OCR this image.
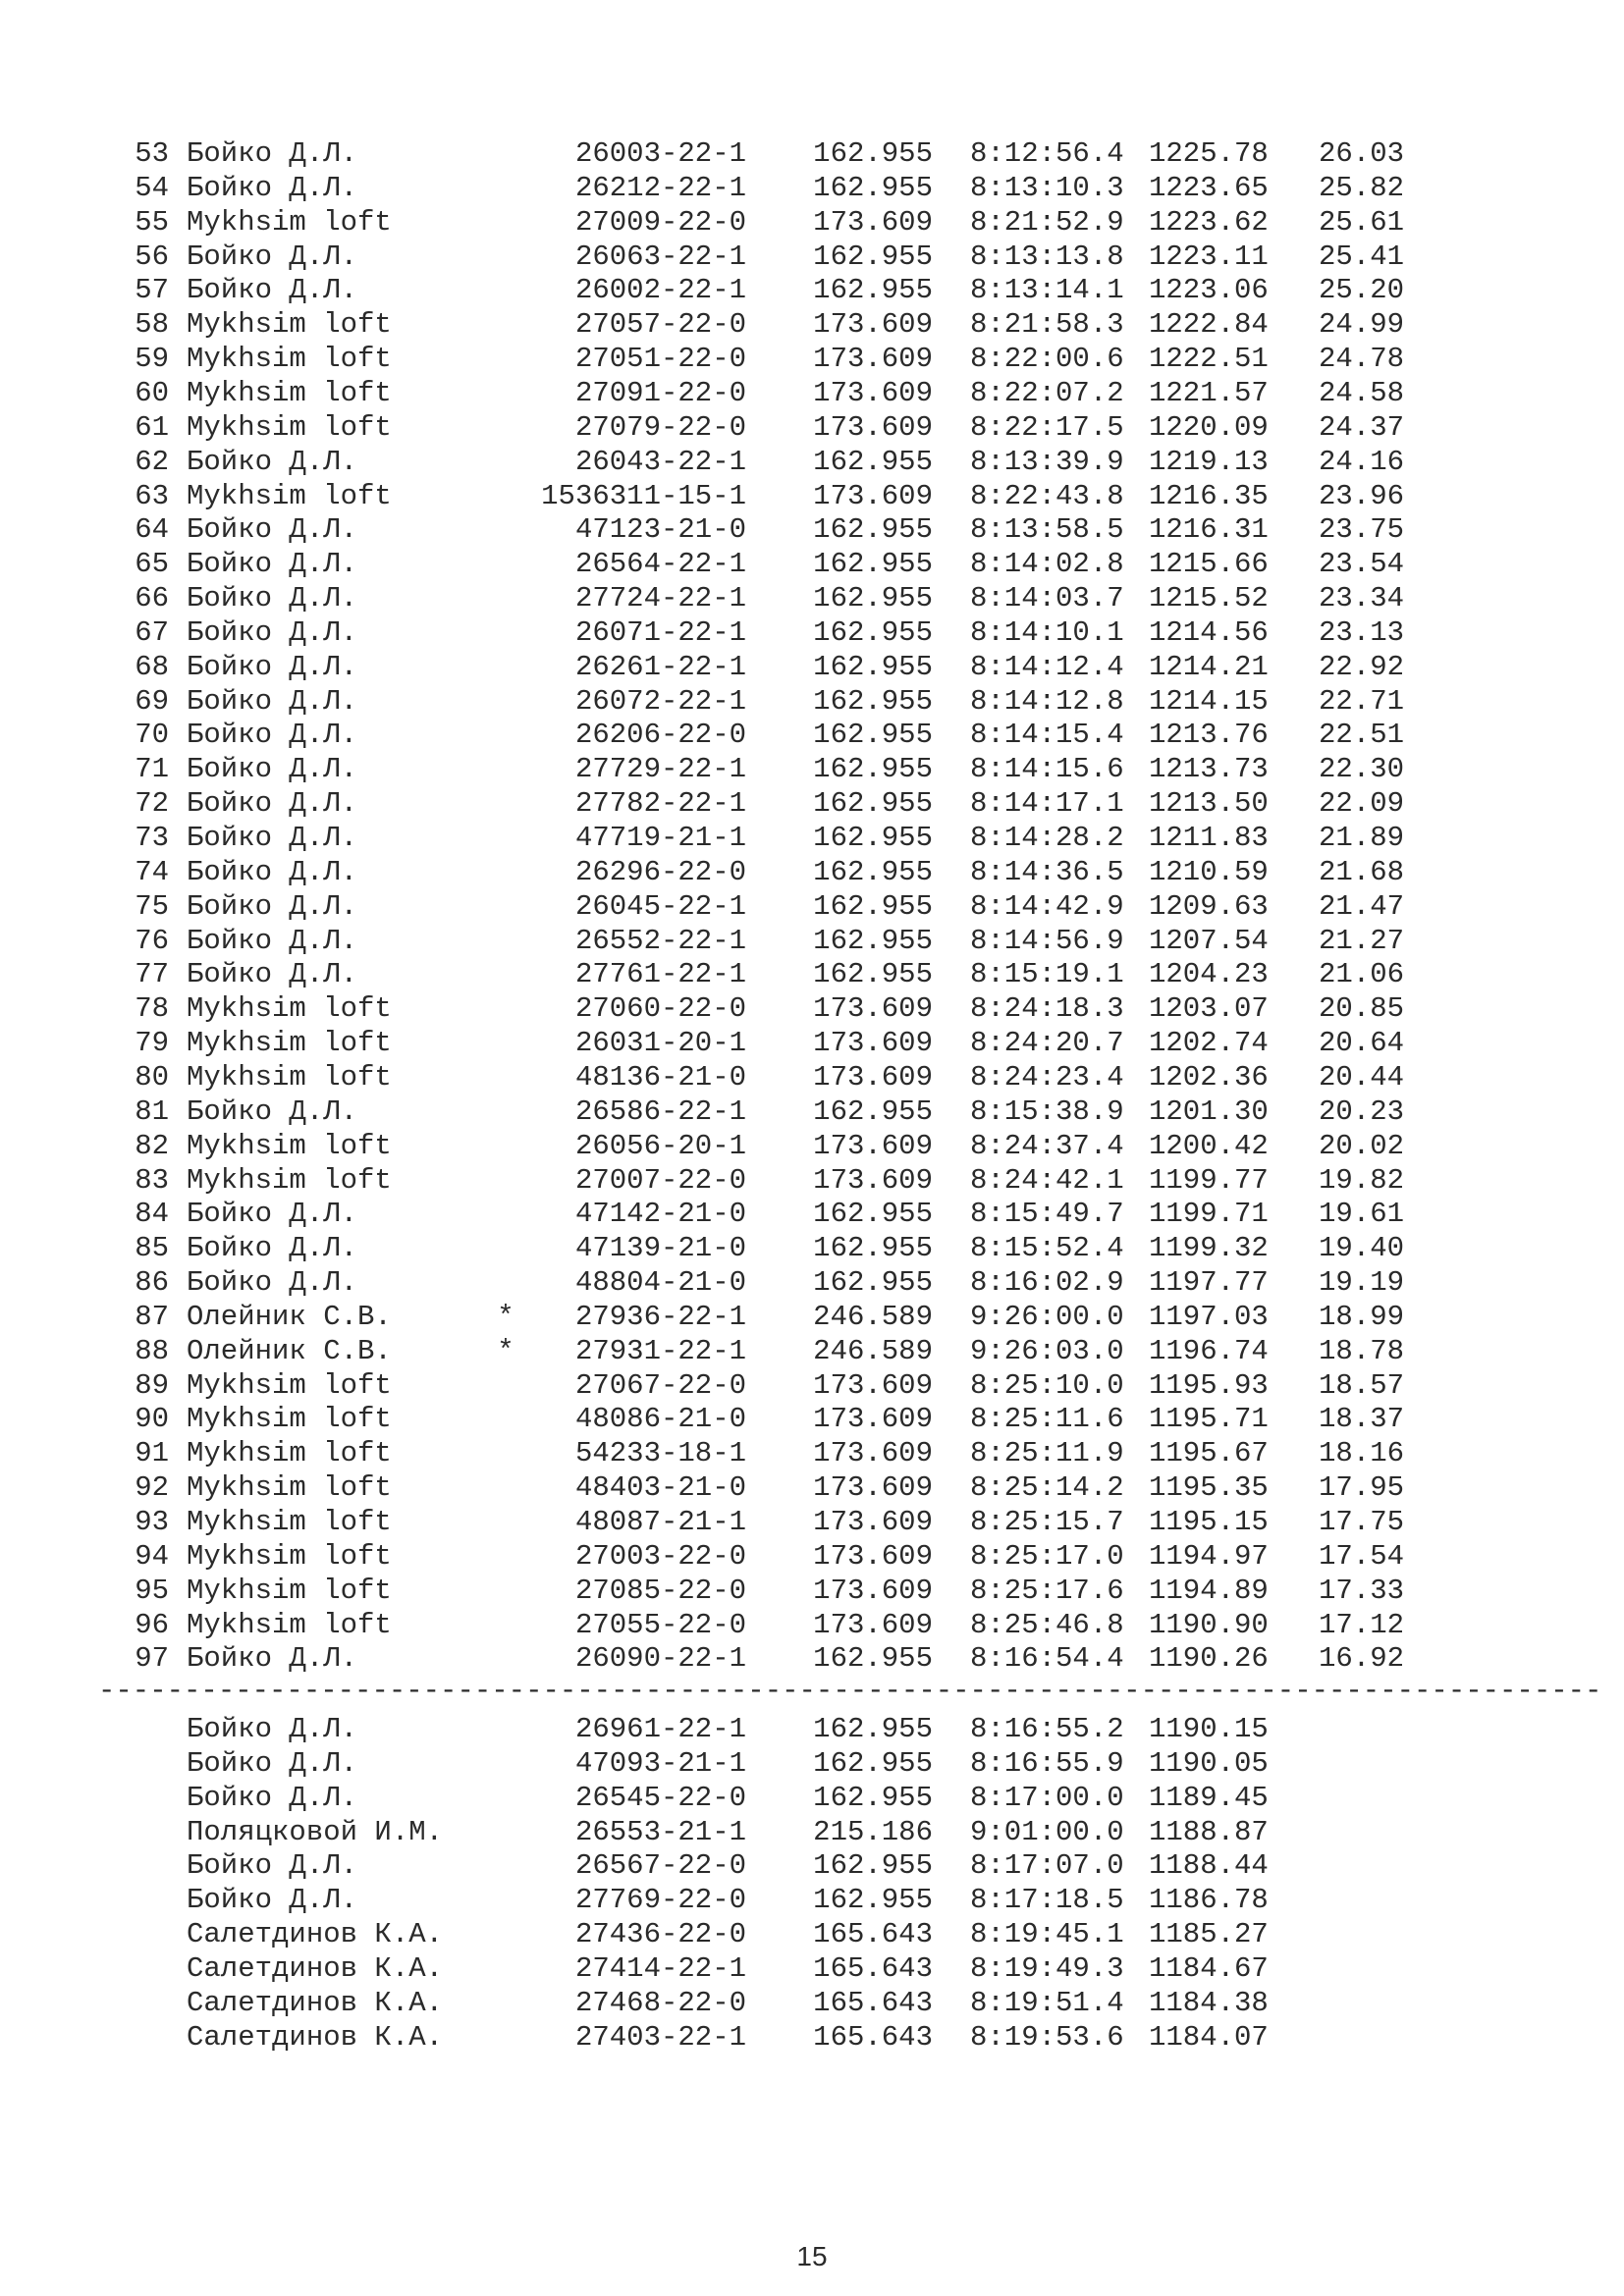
53 Бойко Д.Л.	26003-22-1	162.955 8:12:56.4 1225.78	26.03
54 Бойко Д.Л.	26212-22-1	162.955 8:13:10.3 1223.65	25.82
55 Mykhsim loft	27009-22-0	173.609 8:21:52.9 1223.62	25.61
56 Бойко Д.Л.	26063-22-1	162.955 8:13:13.8 1223.11	25.41
57 Бойко Д.Л.	26002-22-1	162.955 8:13:14.1 1223.06	25.20
58 Mykhsim loft	27057-22-0	173.609 8:21:58.3 1222.84	24.99
59 Mykhsim loft	27051-22-0	173.609 8:22:00.6 1222.51	24.78
60 Mykhsim loft	27091-22-0	173.609 8:22:07.2 1221.57	24.58
61 Mykhsim loft	27079-22-0	173.609 8:22:17.5 1220.09	24.37
62 Бойко Д.Л.	26043-22-1	162.955 8:13:39.9 1219.13	24.16
63 Mykhsim loft	1536311-15-1	173.609 8:22:43.8 1216.35	23.96
64 Бойко Д.Л.	47123-21-0	162.955 8:13:58.5 1216.31	23.75
65 Бойко Д.Л.	26564-22-1	162.955 8:14:02.8 1215.66	23.54
66 Бойко Д.Л.	27724-22-1	162.955 8:14:03.7 1215.52	23.34
67 Бойко Д.Л.	26071-22-1	162.955 8:14:10.1 1214.56	23.13
68 Бойко Д.Л.	26261-22-1	162.955 8:14:12.4 1214.21	22.92
69 Бойко Д.Л.	26072-22-1	162.955 8:14:12.8 1214.15	22.71
70 Бойко Д.Л.	26206-22-0	162.955 8:14:15.4 1213.76	22.51
71 Бойко Д.Л.	27729-22-1	162.955 8:14:15.6 1213.73	22.30
72 Бойко Д.Л.	27782-22-1	162.955 8:14:17.1 1213.50	22.09
73 Бойко Д.Л.	47719-21-1	162.955 8:14:28.2 1211.83	21.89
74 Бойко Д.Л.	26296-22-0	162.955 8:14:36.5 1210.59	21.68
75 Бойко Д.Л.	26045-22-1	162.955 8:14:42.9 1209.63	21.47
76 Бойко Д.Л.	26552-22-1	162.955 8:14:56.9 1207.54	21.27
77 Бойко Д.Л.	27761-22-1	162.955 8:15:19.1 1204.23	21.06
78 Mykhsim loft	27060-22-0	173.609 8:24:18.3 1203.07	20.85
79 Mykhsim loft	26031-20-1	173.609 8:24:20.7 1202.74	20.64
80 Mykhsim loft	48136-21-0	173.609 8:24:23.4 1202.36	20.44
81 Бойко Д.Л.	26586-22-1	162.955 8:15:38.9 1201.30	20.23
82 Mykhsim loft	26056-20-1	173.609 8:24:37.4 1200.42	20.02
83 Mykhsim loft	27007-22-0	173.609 8:24:42.1 1199.77	19.82
84 Бойко Д.Л.	47142-21-0	162.955 8:15:49.7 1199.71	19.61
85 Бойко Д.Л.	47139-21-0	162.955 8:15:52.4 1199.32	19.40
86 Бойко Д.Л.	48804-21-0	162.955 8:16:02.9 1197.77	19.19
87 Олейник С.В.	*	27936-22-1	246.589 9:26:00.0 1197.03	18.99
88 Олейник С.В.	*	27931-22-1	246.589 9:26:03.0 1196.74	18.78
89 Mykhsim loft	27067-22-0	173.609 8:25:10.0 1195.93	18.57
90 Mykhsim loft	48086-21-0	173.609 8:25:11.6 1195.71	18.37
91 Mykhsim loft	54233-18-1	173.609 8:25:11.9 1195.67	18.16
92 Mykhsim loft	48403-21-0	173.609 8:25:14.2 1195.35	17.95
93 Mykhsim loft	48087-21-1	173.609 8:25:15.7 1195.15	17.75
94 Mykhsim loft	27003-22-0	173.609 8:25:17.0 1194.97	17.54
95 Mykhsim loft	27085-22-0	173.609 8:25:17.6 1194.89	17.33
96 Mykhsim loft	27055-22-0	173.609 8:25:46.8 1190.90	17.12
97 Бойко Д.Л.	26090-22-1	162.955 8:16:54.4 1190.26	16.92
----------------------------------------------------------------------------------------
Бойко Д.Л.	26961-22-1	162.955 8:16:55.2 1190.15
Бойко Д.Л.	47093-21-1	162.955 8:16:55.9 1190.05
Бойко Д.Л.	26545-22-0	162.955 8:17:00.0 1189.45
Поляцковой И.М.	26553-21-1	215.186 9:01:00.0 1188.87
Бойко Д.Л.	26567-22-0	162.955 8:17:07.0 1188.44
Бойко Д.Л.	27769-22-0	162.955 8:17:18.5 1186.78
Салетдинов К.А.	27436-22-0	165.643 8:19:45.1 1185.27
Салетдинов К.А.	27414-22-1	165.643 8:19:49.3 1184.67
Салетдинов К.А.	27468-22-0	165.643 8:19:51.4 1184.38
Салетдинов К.А.	27403-22-1	165.643 8:19:53.6 1184.07
15
